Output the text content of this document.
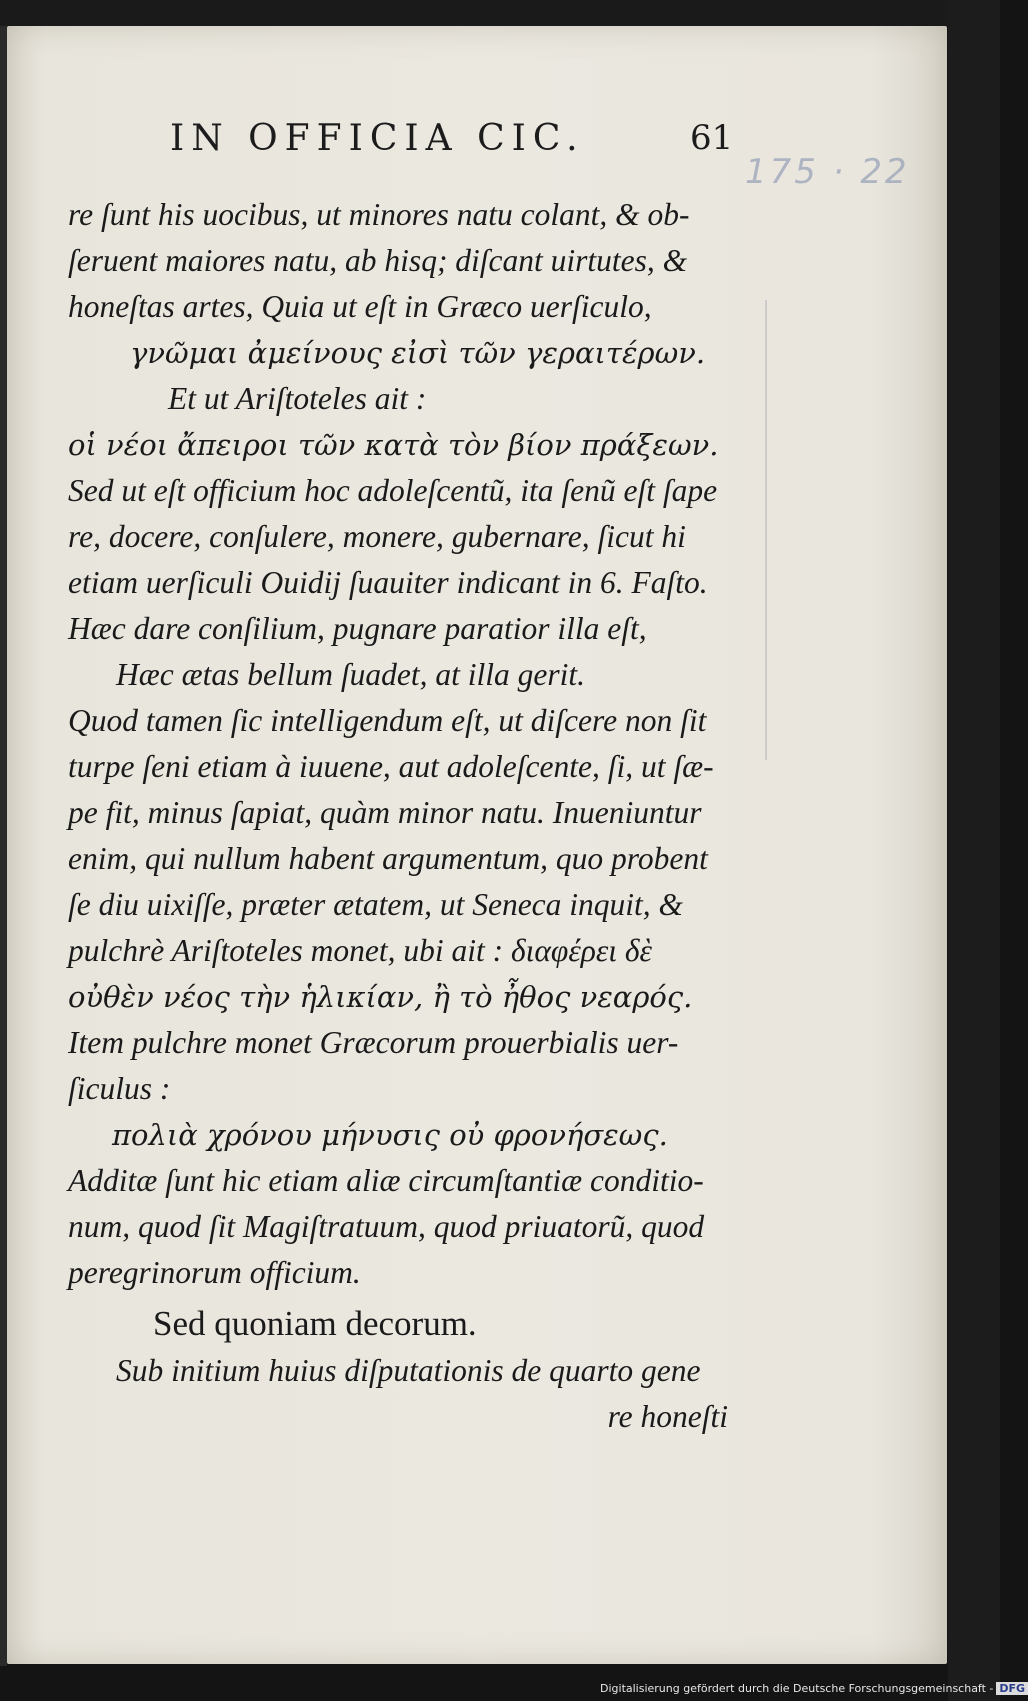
175 · 22
IN OFFICIA CIC.	61
re ſunt his uocibus, ut minores natu colant, & ob-
ſeruent maiores natu, ab hisq; diſcant uirtutes, &
honeſtas artes, Quia ut eſt in Græco uerſiculo,
γνῶμαι ἀμείνους εἰσὶ τῶν γεραιτέρων.
Et ut Ariſtoteles ait :
οἱ νέοι ἄπειροι τῶν κατὰ τὸν βίον πράξεων.
Sed ut eſt officium hoc adoleſcentũ, ita ſenũ eſt ſape
re, docere, conſulere, monere, gubernare, ſicut hi
etiam uerſiculi Ouidij ſuauiter indicant in 6. Faſto.
Hæc dare conſilium, pugnare paratior illa eſt,
Hæc ætas bellum ſuadet, at illa gerit.
Quod tamen ſic intelligendum eſt, ut diſcere non ſit
turpe ſeni etiam à iuuene, aut adoleſcente, ſi, ut ſæ-
pe fit, minus ſapiat, quàm minor natu. Inueniuntur
enim, qui nullum habent argumentum, quo probent
ſe diu uixiſſe, præter ætatem, ut Seneca inquit, &
pulchrè Ariſtoteles monet, ubi ait : διαφέρει δὲ
οὐθὲν νέος τὴν ἡλικίαν, ἢ τὸ ἦθος νεαρός.
Item pulchre monet Græcorum prouerbialis uer-
ſiculus :
πολιὰ χρόνου μήνυσις οὐ φρονήσεως.
Additæ ſunt hic etiam aliæ circumſtantiæ conditio-
num, quod ſit Magiſtratuum, quod priuatorũ, quod
peregrinorum officium.
Sed quoniam decorum.
Sub initium huius diſputationis de quarto gene
re honeſti
Digitalisierung gefördert durch die Deutsche Forschungsgemeinschaft - DFG
